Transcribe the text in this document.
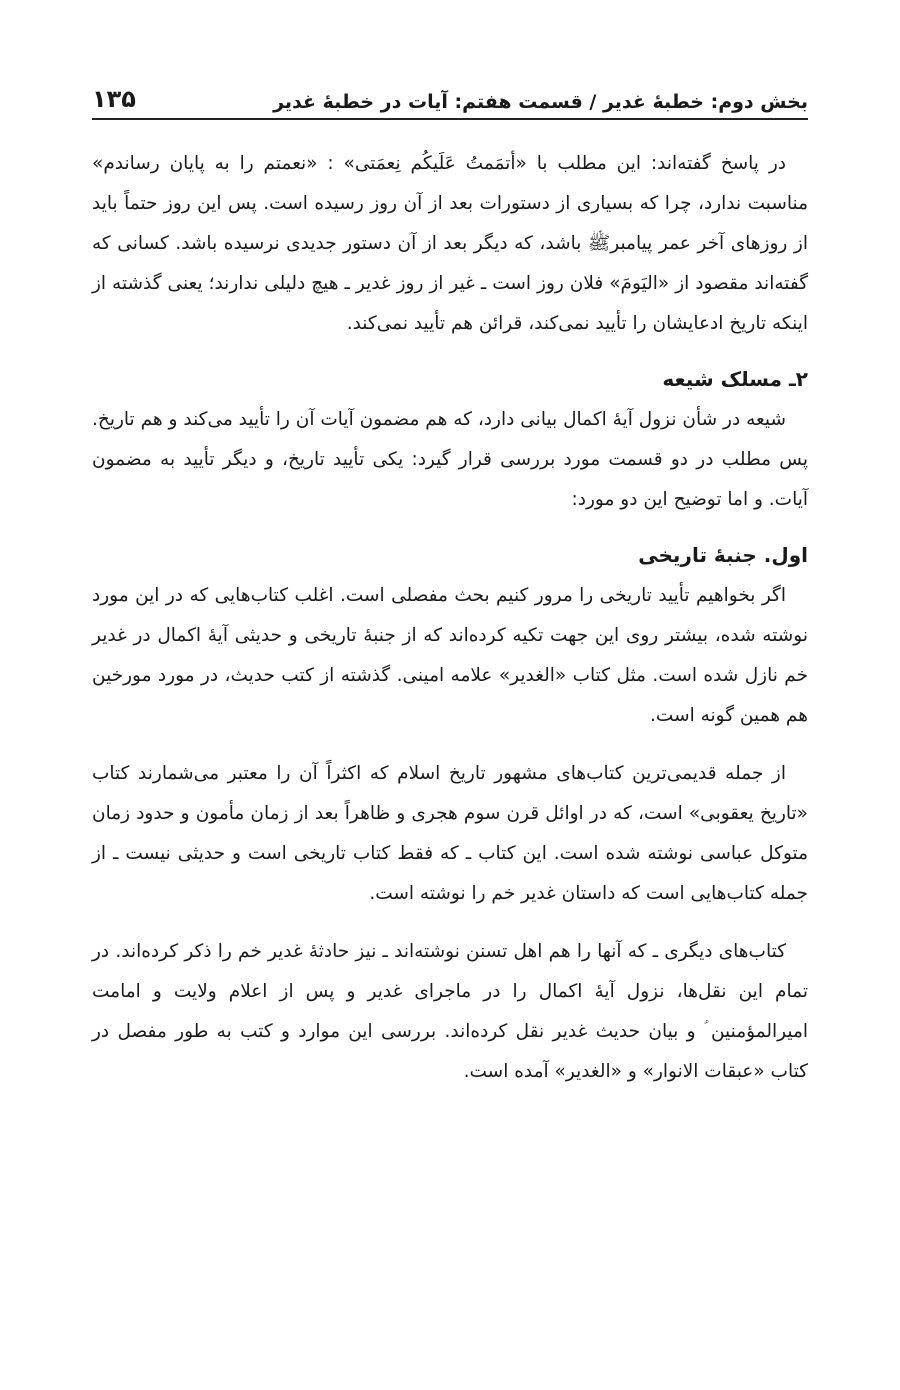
بخش دوم: خطبهٔ غدیر / قسمت هفتم: آیات در خطبهٔ غدیر
۱۳۵

در پاسخ گفته‌اند: این مطلب با «أتمَمتُ عَلَیکُم نِعمَتی» : «نعمتم را به پایان رساندم» مناسبت ندارد، چرا که بسیاری از دستورات بعد از آن روز رسیده است. پس این روز حتماً باید از روزهای آخر عمر پیامبرﷺ باشد، که دیگر بعد از آن دستور جدیدی نرسیده باشد. کسانی که گفته‌اند مقصود از «الیَومَ» فلان روز است ـ غیر از روز غدیر ـ هیچ دلیلی ندارند؛ یعنی گذشته از اینکه تاریخ ادعایشان را تأیید نمی‌کند، قرائن هم تأیید نمی‌کند.

۲ـ مسلک شیعه

شیعه در شأن نزول آیهٔ اکمال بیانی دارد، که هم مضمون آیات آن را تأیید می‌کند و هم تاریخ. پس مطلب در دو قسمت مورد بررسی قرار گیرد: یکی تأیید تاریخ، و دیگر تأیید به مضمون آیات. و اما توضیح این دو مورد:

اول. جنبهٔ تاریخی

اگر بخواهیم تأیید تاریخی را مرور کنیم بحث مفصلی است. اغلب کتاب‌هایی که در این مورد نوشته شده، بیشتر روی این جهت تکیه کرده‌اند که از جنبهٔ تاریخی و حدیثی آیهٔ اکمال در غدیر خم نازل شده است. مثل کتاب «الغدیر» علامه امینی. گذشته از کتب حدیث، در مورد مورخین هم همین گونه است.

از جمله قدیمی‌ترین کتاب‌های مشهور تاریخ اسلام که اکثراً آن را معتبر می‌شمارند کتاب «تاریخ یعقوبی» است، که در اوائل قرن سوم هجری و ظاهراً بعد از زمان مأمون و حدود زمان متوکل عباسی نوشته شده است. این کتاب ـ که فقط کتاب تاریخی است و حدیثی نیست ـ از جمله کتاب‌هایی است که داستان غدیر خم را نوشته است.

کتاب‌های دیگری ـ که آنها را هم اهل تسنن نوشته‌اند ـ نیز حادثهٔ غدیر خم را ذکر کرده‌اند. در تمام این نقل‌ها، نزول آیهٔ اکمال را در ماجرای غدیر و پس از اعلام ولایت و امامت امیرالمؤمنین ؑ و بیان حدیث غدیر نقل کرده‌اند. بررسی این موارد و کتب به طور مفصل در کتاب «عبقات الانوار» و «الغدیر» آمده است.
